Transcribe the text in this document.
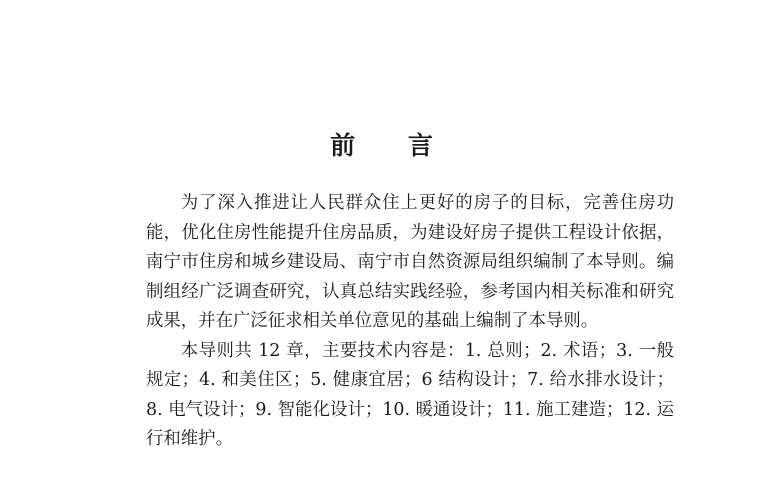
前 言

为了深入推进让人民群众住上更好的房子的目标，完善住房功能，优化住房性能提升住房品质，为建设好房子提供工程设计依据，南宁市住房和城乡建设局、南宁市自然资源局组织编制了本导则。编制组经广泛调查研究，认真总结实践经验，参考国内相关标准和研究成果，并在广泛征求相关单位意见的基础上编制了本导则。

本导则共 12 章，主要技术内容是：1. 总则；2. 术语；3. 一般规定；4. 和美住区；5. 健康宜居；6 结构设计；7. 给水排水设计；8. 电气设计；9. 智能化设计；10. 暖通设计；11. 施工建造；12. 运行和维护。
